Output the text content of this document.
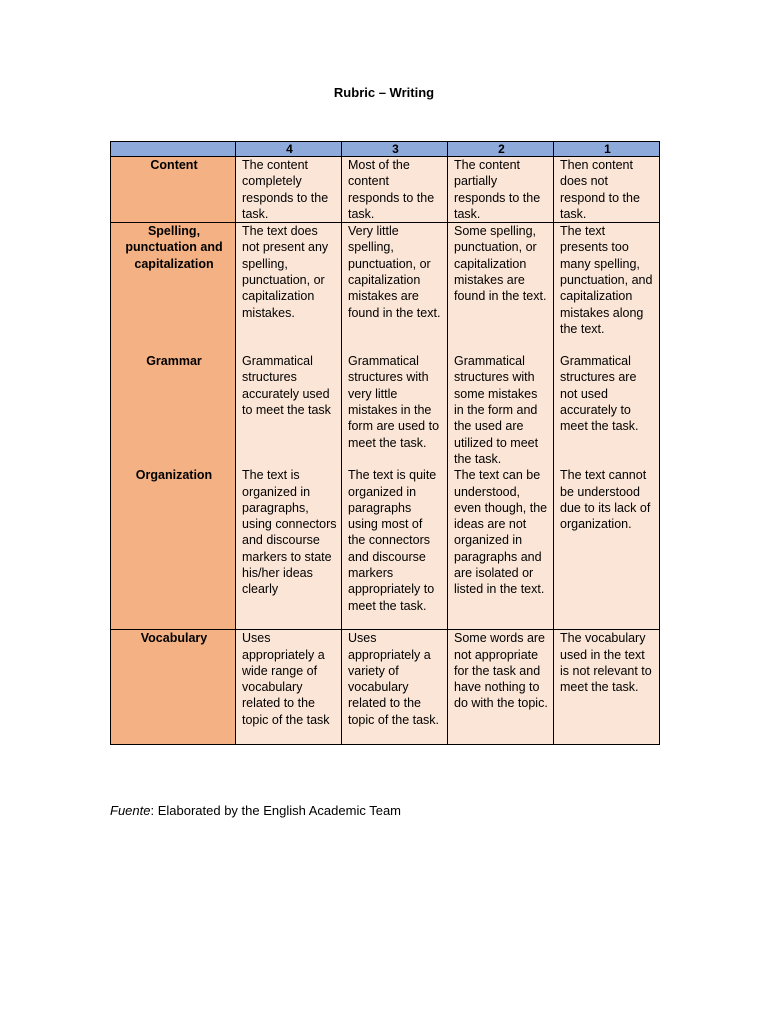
Rubric – Writing
	4	3	2	1
Content	The content completely responds to the task.	Most of the content responds to the task.	The content partially responds to the task.	Then content does not respond to the task.
Spelling, punctuation and capitalization	The text does not present any spelling, punctuation, or capitalization mistakes.	Very little spelling, punctuation, or capitalization mistakes are found in the text.	Some spelling, punctuation, or capitalization mistakes are found in the text.	The text presents too many spelling, punctuation, and capitalization mistakes along the text.
Grammar	Grammatical structures accurately used to meet the task	Grammatical structures with very little mistakes in the form are used to meet the task.	Grammatical structures with some mistakes in the form and the used are utilized to meet the task.	Grammatical structures are not used accurately to meet the task.
Organization	The text is organized in paragraphs, using connectors and discourse markers to state his/her ideas clearly	The text is quite organized in paragraphs using most of the connectors and discourse markers appropriately to meet the task.	The text can be understood, even though, the ideas are not organized in paragraphs and are isolated or listed in the text.	The text cannot be understood due to its lack of organization.
Vocabulary	Uses appropriately a wide range of vocabulary related to the topic of the task	Uses appropriately a variety of vocabulary related to the topic of the task.	Some words are not appropriate for the task and have nothing to do with the topic.	The vocabulary used in the text is not relevant to meet the task.
Fuente: Elaborated by the English Academic Team
